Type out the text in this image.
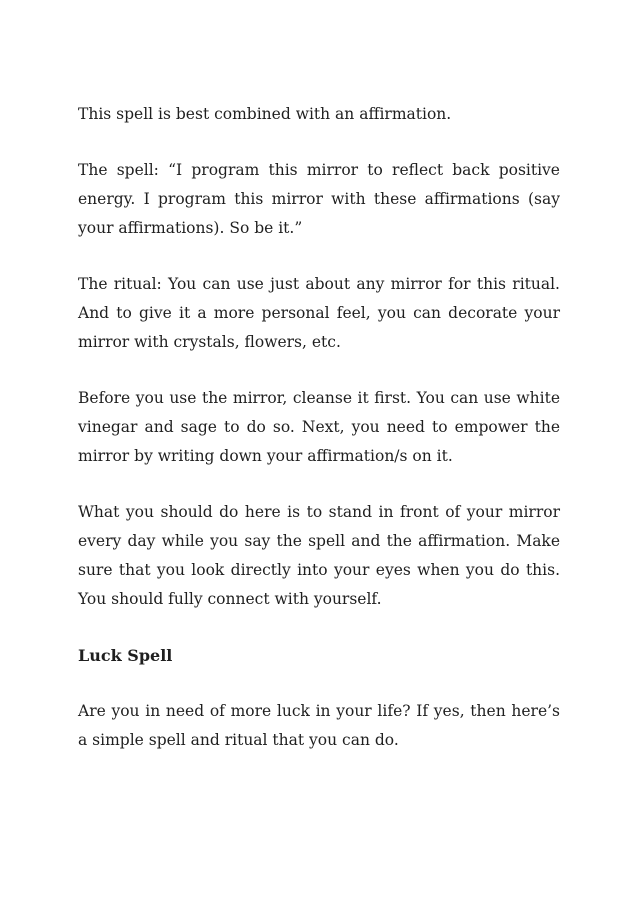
This spell is best combined with an affirmation.

The spell: “I program this mirror to reflect back positive energy. I program this mirror with these affirmations (say your affirmations). So be it.”

The ritual: You can use just about any mirror for this ritual. And to give it a more personal feel, you can decorate your mirror with crystals, flowers, etc.

Before you use the mirror, cleanse it first. You can use white vinegar and sage to do so. Next, you need to empower the mirror by writing down your affirmation/s on it.

What you should do here is to stand in front of your mirror every day while you say the spell and the affirmation. Make sure that you look directly into your eyes when you do this. You should fully connect with yourself.

Luck Spell

Are you in need of more luck in your life? If yes, then here’s a simple spell and ritual that you can do.
